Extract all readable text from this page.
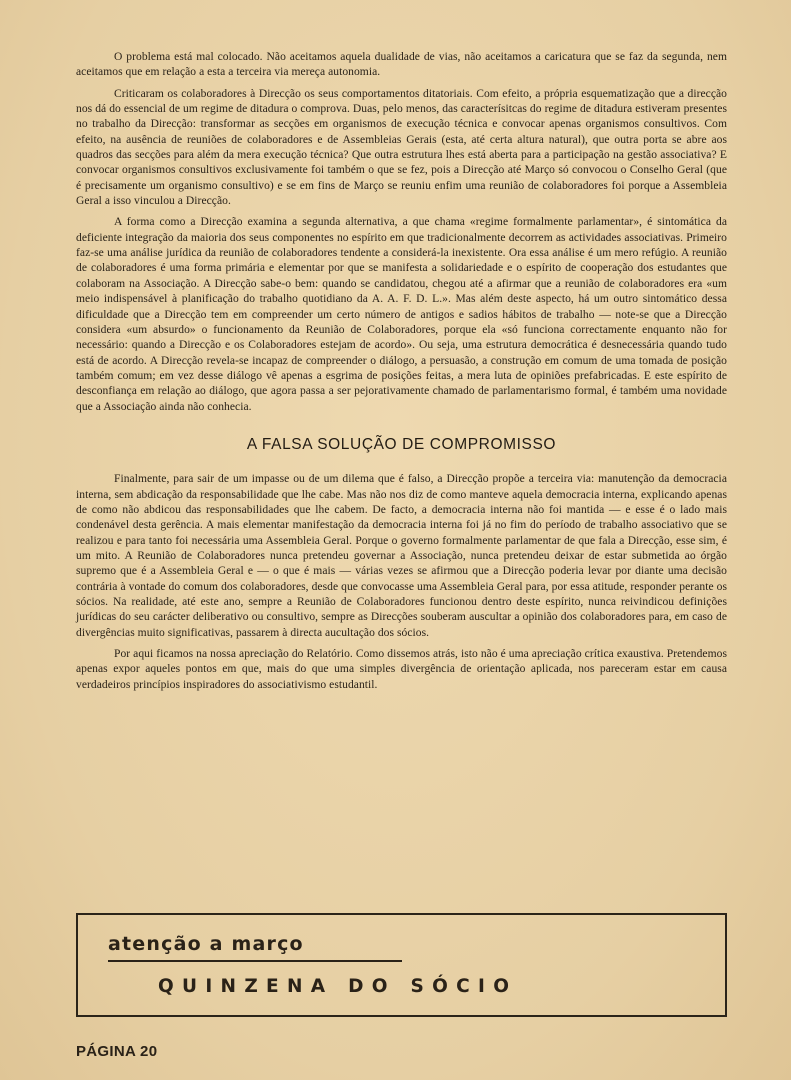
O problema está mal colocado. Não aceitamos aquela dualidade de vias, não aceitamos a caricatura que se faz da segunda, nem aceitamos que em relação a esta a terceira via mereça autonomia.

Criticaram os colaboradores à Direcção os seus comportamentos ditatoriais. Com efeito, a própria esquematização que a direcção nos dá do essencial de um regime de ditadura o comprova. Duas, pelo menos, das caracterísitcas do regime de ditadura estiveram presentes no trabalho da Direcção: transformar as secções em organismos de execução técnica e convocar apenas organismos consultivos. Com efeito, na ausência de reuniões de colaboradores e de Assembleias Gerais (esta, até certa altura natural), que outra porta se abre aos quadros das secções para além da mera execução técnica? Que outra estrutura lhes está aberta para a participação na gestão associativa? E convocar organismos consultivos exclusivamente foi também o que se fez, pois a Direcção até Março só convocou o Conselho Geral (que é precisamente um organismo consultivo) e se em fins de Março se reuniu enfim uma reunião de colaboradores foi porque a Assembleia Geral a isso vinculou a Direcção.

A forma como a Direcção examina a segunda alternativa, a que chama «regime formalmente parlamentar», é sintomática da deficiente integração da maioria dos seus componentes no espírito em que tradicionalmente decorrem as actividades associativas. Primeiro faz-se uma análise jurídica da reunião de colaboradores tendente a considerá-la inexistente. Ora essa análise é um mero refúgio. A reunião de colaboradores é uma forma primária e elementar por que se manifesta a solidariedade e o espírito de cooperação dos estudantes que colaboram na Associação. A Direcção sabe-o bem: quando se candidatou, chegou até a afirmar que a reunião de colaboradores era «um meio indispensável à planificação do trabalho quotidiano da A. A. F. D. L.». Mas além deste aspecto, há um outro sintomático dessa dificuldade que a Direcção tem em compreender um certo número de antigos e sadios hábitos de trabalho — note-se que a Direcção considera «um absurdo» o funcionamento da Reunião de Colaboradores, porque ela «só funciona correctamente enquanto não for necessário: quando a Direcção e os Colaboradores estejam de acordo». Ou seja, uma estrutura democrática é desnecessária quando tudo está de acordo. A Direcção revela-se incapaz de compreender o diálogo, a persuasão, a construção em comum de uma tomada de posição também comum; em vez desse diálogo vê apenas a esgrima de posições feitas, a mera luta de opiniões prefabricadas. E este espírito de desconfiança em relação ao diálogo, que agora passa a ser pejorativamente chamado de parlamentarismo formal, é também uma novidade que a Associação ainda não conhecia.

A FALSA SOLUÇÃO DE COMPROMISSO

Finalmente, para sair de um impasse ou de um dilema que é falso, a Direcção propõe a terceira via: manutenção da democracia interna, sem abdicação da responsabilidade que lhe cabe. Mas não nos diz de como manteve aquela democracia interna, explicando apenas de como não abdicou das responsabilidades que lhe cabem. De facto, a democracia interna não foi mantida — e esse é o lado mais condenável desta gerência. A mais elementar manifestação da democracia interna foi já no fim do período de trabalho associativo que se realizou e para tanto foi necessária uma Assembleia Geral. Porque o governo formalmente parlamentar de que fala a Direcção, esse sim, é um mito. A Reunião de Colaboradores nunca pretendeu governar a Associação, nunca pretendeu deixar de estar submetida ao órgão supremo que é a Assembleia Geral e — o que é mais — várias vezes se afirmou que a Direcção poderia levar por diante uma decisão contrária à vontade do comum dos colaboradores, desde que convocasse uma Assembleia Geral para, por essa atitude, responder perante os sócios. Na realidade, até este ano, sempre a Reunião de Colaboradores funcionou dentro deste espírito, nunca reivindicou definições jurídicas do seu carácter deliberativo ou consultivo, sempre as Direcções souberam auscultar a opinião dos colaboradores para, em caso de divergências muito significativas, passarem à directa aucultação dos sócios.

Por aqui ficamos na nossa apreciação do Relatório. Como dissemos atrás, isto não é uma apreciação crítica exaustiva. Pretendemos apenas expor aqueles pontos em que, mais do que uma simples divergência de orientação aplicada, nos pareceram estar em causa verdadeiros princípios inspiradores do associativismo estudantil.

atenção a março
QUINZENA DO SÓCIO
PÁGINA 20
